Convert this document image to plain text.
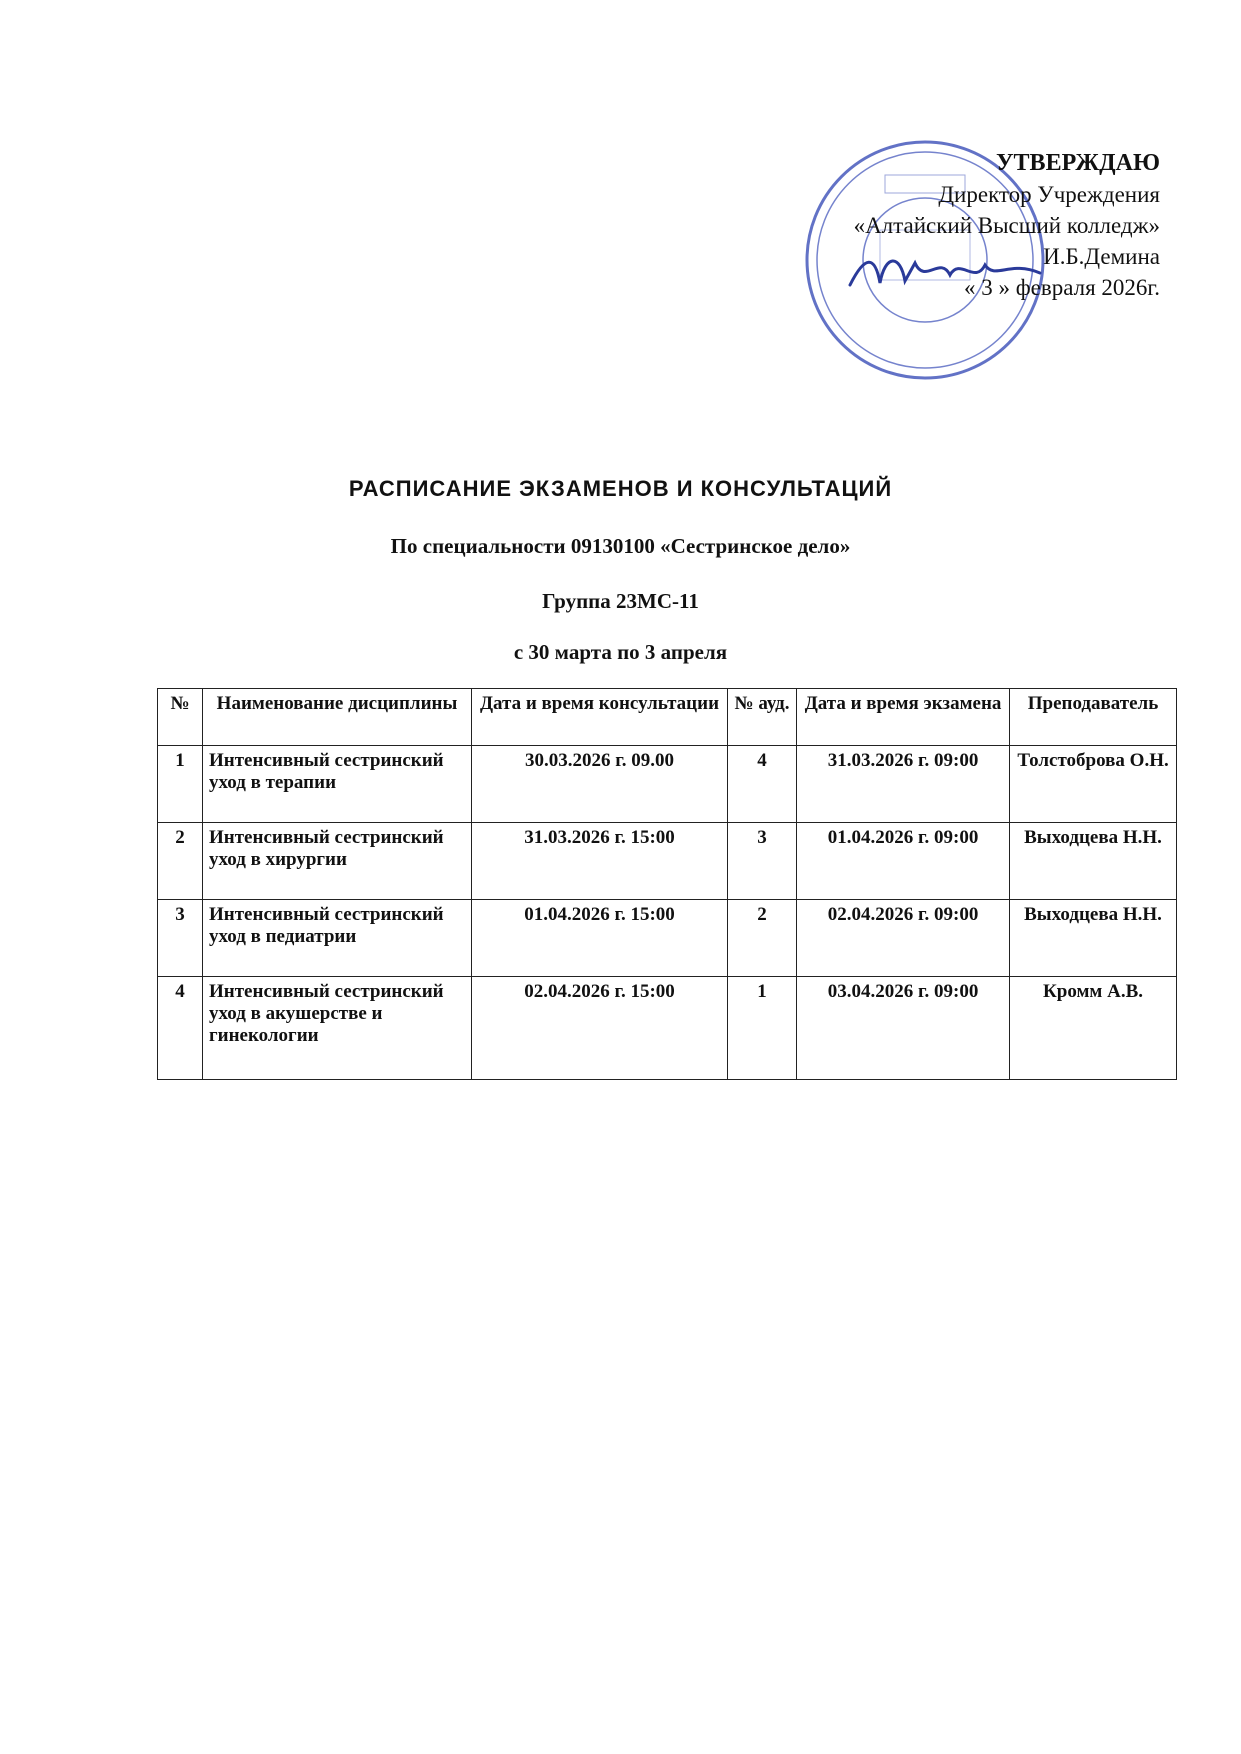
УТВЕРЖДАЮ
Директор Учреждения
«Алтайский Высший колледж»
И.Б.Демина
« 3 » февраля 2026г.
РАСПИСАНИЕ ЭКЗАМЕНОВ И КОНСУЛЬТАЦИЙ
По специальности 09130100 «Сестринское дело»
Группа 23МС-11
с 30 марта по 3 апреля
№	Наименование дисциплины	Дата и время консультации	№ ауд.	Дата и время экзамена	Преподаватель
1	Интенсивный сестринский уход в терапии	30.03.2026 г. 09.00	4	31.03.2026 г. 09:00	Толстоброва О.Н.
2	Интенсивный сестринский уход в хирургии	31.03.2026 г. 15:00	3	01.04.2026 г. 09:00	Выходцева Н.Н.
3	Интенсивный сестринский уход в педиатрии	01.04.2026 г. 15:00	2	02.04.2026 г. 09:00	Выходцева Н.Н.
4	Интенсивный сестринский уход в акушерстве и гинекологии	02.04.2026 г. 15:00	1	03.04.2026 г. 09:00	Кромм А.В.
